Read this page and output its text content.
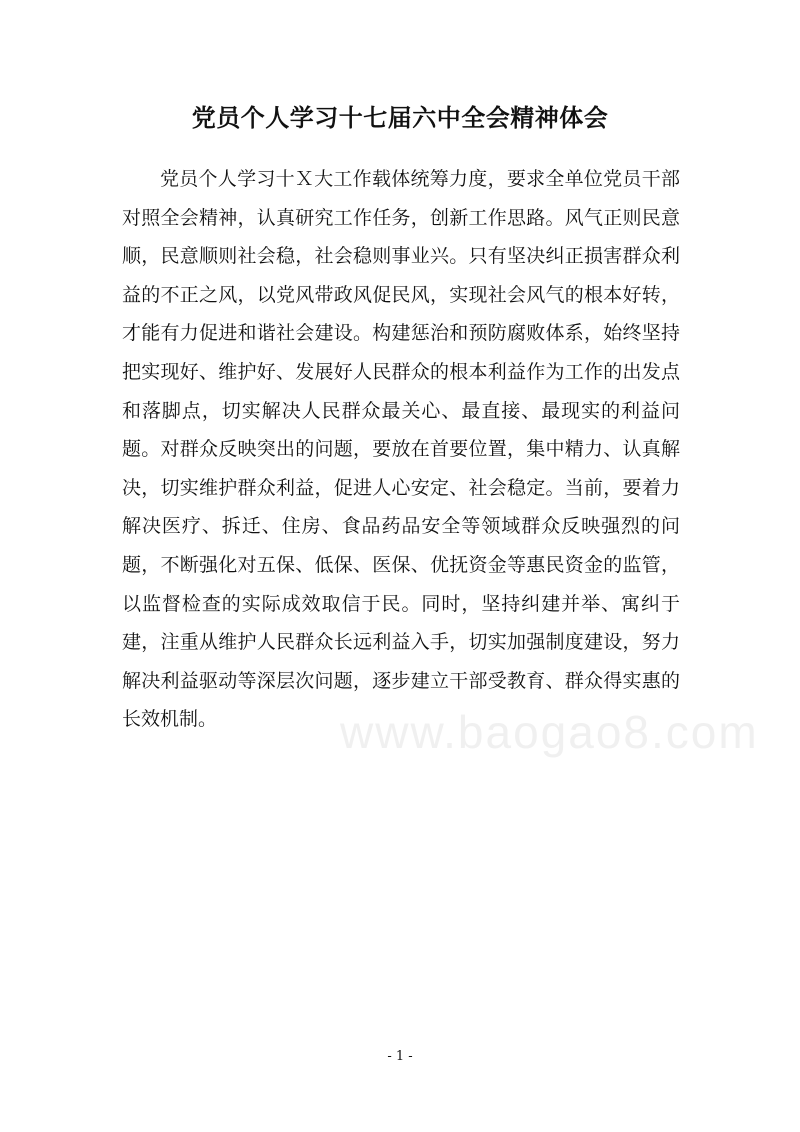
党员个人学习十七届六中全会精神体会

党员个人学习十Ｘ大工作载体统筹力度，要求全单位党员干部对照全会精神，认真研究工作任务，创新工作思路。风气正则民意顺，民意顺则社会稳，社会稳则事业兴。只有坚决纠正损害群众利益的不正之风，以党风带政风促民风，实现社会风气的根本好转，才能有力促进和谐社会建设。构建惩治和预防腐败体系，始终坚持把实现好、维护好、发展好人民群众的根本利益作为工作的出发点和落脚点，切实解决人民群众最关心、最直接、最现实的利益问题。对群众反映突出的问题，要放在首要位置，集中精力、认真解决，切实维护群众利益，促进人心安定、社会稳定。当前，要着力解决医疗、拆迁、住房、食品药品安全等领域群众反映强烈的问题，不断强化对五保、低保、医保、优抚资金等惠民资金的监管，以监督检查的实际成效取信于民。同时，坚持纠建并举、寓纠于建，注重从维护人民群众长远利益入手，切实加强制度建设，努力解决利益驱动等深层次问题，逐步建立干部受教育、群众得实惠的长效机制。	www.baogao8.com
- 1 -
